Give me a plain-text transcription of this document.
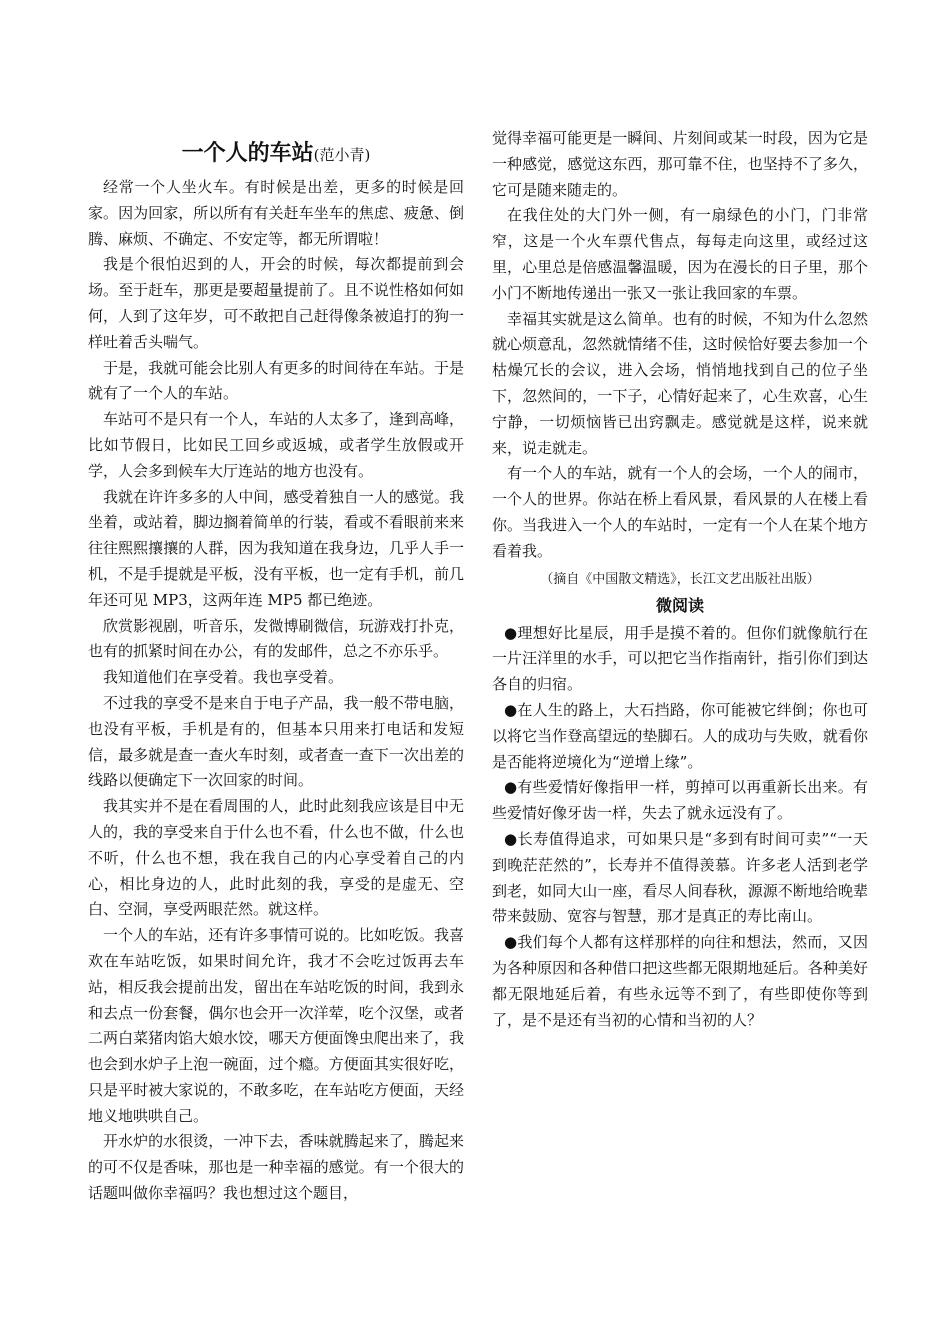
一个人的车站(范小青)

经常一个人坐火车。有时候是出差，更多的时候是回家。因为回家，所以所有有关赶车坐车的焦虑、疲惫、倒腾、麻烦、不确定、不安定等，都无所谓啦！

我是个很怕迟到的人，开会的时候，每次都提前到会场。至于赶车，那更是要超量提前了。且不说性格如何如何，人到了这年岁，可不敢把自己赶得像条被追打的狗一样吐着舌头喘气。

于是，我就可能会比别人有更多的时间待在车站。于是就有了一个人的车站。

车站可不是只有一个人，车站的人太多了，逢到高峰，比如节假日，比如民工回乡或返城，或者学生放假或开学，人会多到候车大厅连站的地方也没有。

我就在许许多多的人中间，感受着独自一人的感觉。我坐着，或站着，脚边搁着简单的行装，看或不看眼前来来往往熙熙攘攘的人群，因为我知道在我身边，几乎人手一机，不是手提就是平板，没有平板，也一定有手机，前几年还可见 MP3，这两年连 MP5 都已绝迹。

欣赏影视剧，听音乐，发微博刷微信，玩游戏打扑克，也有的抓紧时间在办公，有的发邮件，总之不亦乐乎。

我知道他们在享受着。我也享受着。

不过我的享受不是来自于电子产品，我一般不带电脑，也没有平板，手机是有的，但基本只用来打电话和发短信，最多就是查一查火车时刻，或者查一查下一次出差的线路以便确定下一次回家的时间。

我其实并不是在看周围的人，此时此刻我应该是目中无人的，我的享受来自于什么也不看，什么也不做，什么也不听，什么也不想，我在我自己的内心享受着自己的内心，相比身边的人，此时此刻的我，享受的是虚无、空白、空洞，享受两眼茫然。就这样。

一个人的车站，还有许多事情可说的。比如吃饭。我喜欢在车站吃饭，如果时间允许，我才不会吃过饭再去车站，相反我会提前出发，留出在车站吃饭的时间，我到永和去点一份套餐，偶尔也会开一次洋荤，吃个汉堡，或者二两白菜猪肉馅大娘水饺，哪天方便面馋虫爬出来了，我也会到水炉子上泡一碗面，过个瘾。方便面其实很好吃，只是平时被大家说的，不敢多吃，在车站吃方便面，天经地义地哄哄自己。

开水炉的水很烫，一冲下去，香味就腾起来了，腾起来的可不仅是香味，那也是一种幸福的感觉。有一个很大的话题叫做你幸福吗？我也想过这个题目，

觉得幸福可能更是一瞬间、片刻间或某一时段，因为它是一种感觉，感觉这东西，那可靠不住，也坚持不了多久，它可是随来随走的。

在我住处的大门外一侧，有一扇绿色的小门，门非常窄，这是一个火车票代售点，每每走向这里，或经过这里，心里总是倍感温馨温暖，因为在漫长的日子里，那个小门不断地传递出一张又一张让我回家的车票。

幸福其实就是这么简单。也有的时候，不知为什么忽然就心烦意乱，忽然就情绪不佳，这时候恰好要去参加一个枯燥冗长的会议，进入会场，悄悄地找到自己的位子坐下，忽然间的，一下子，心情好起来了，心生欢喜，心生宁静，一切烦恼皆已出窍飘走。感觉就是这样，说来就来，说走就走。

有一个人的车站，就有一个人的会场，一个人的闹市，一个人的世界。你站在桥上看风景，看风景的人在楼上看你。当我进入一个人的车站时，一定有一个人在某个地方看着我。

（摘自《中国散文精选》，长江文艺出版社出版）

微阅读

●理想好比星辰，用手是摸不着的。但你们就像航行在一片汪洋里的水手，可以把它当作指南针，指引你们到达各自的归宿。

●在人生的路上，大石挡路，你可能被它绊倒；你也可以将它当作登高望远的垫脚石。人的成功与失败，就看你是否能将逆境化为“逆增上缘”。

●有些爱情好像指甲一样，剪掉可以再重新长出来。有些爱情好像牙齿一样，失去了就永远没有了。

●长寿值得追求，可如果只是“多到有时间可卖”“一天到晚茫茫然的”，长寿并不值得羡慕。许多老人活到老学到老，如同大山一座，看尽人间春秋，源源不断地给晚辈带来鼓励、宽容与智慧，那才是真正的寿比南山。

●我们每个人都有这样那样的向往和想法，然而，又因为各种原因和各种借口把这些都无限期地延后。各种美好都无限地延后着，有些永远等不到了，有些即使你等到了，是不是还有当初的心情和当初的人？
